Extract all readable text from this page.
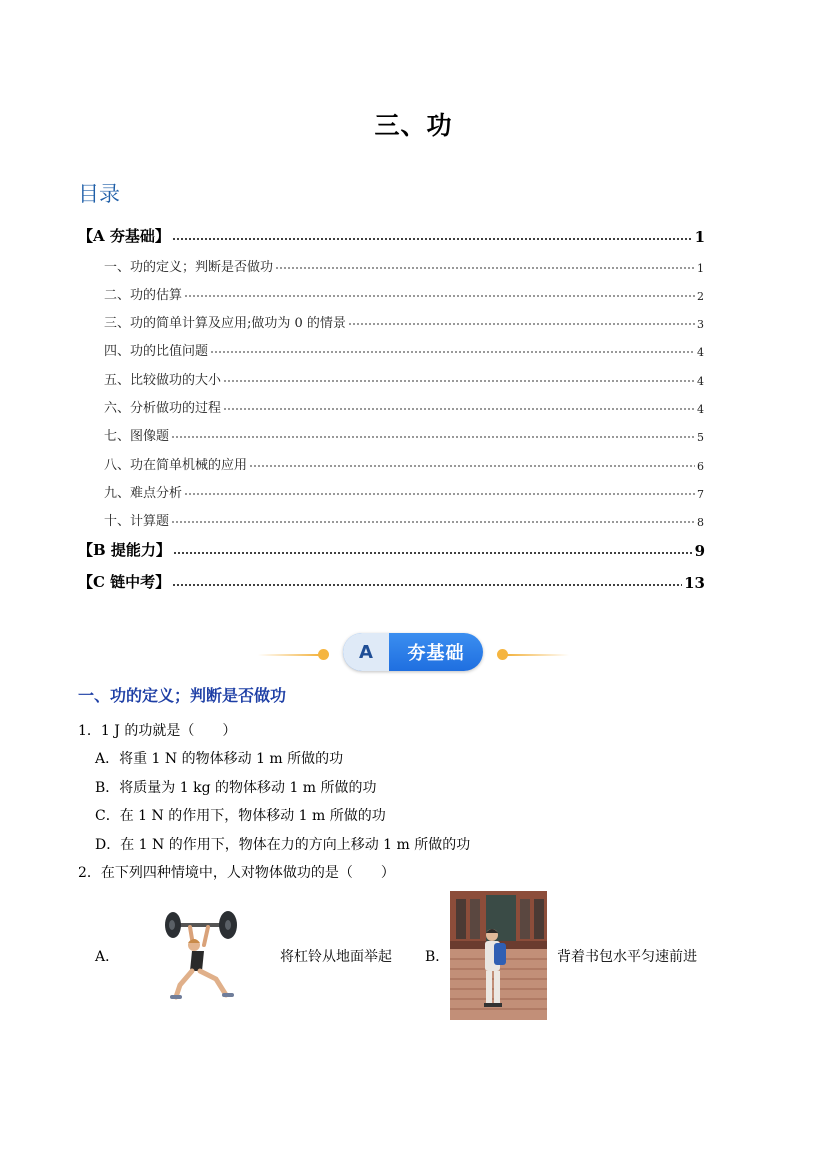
三、功
目录
【A 夯基础】	1
一、功的定义；判断是否做功	1
二、功的估算	2
三、功的简单计算及应用;做功为 0 的情景	3
四、功的比值问题	4
五、比较做功的大小	4
六、分析做功的过程	4
七、图像题	5
八、功在简单机械的应用	6
九、难点分析	7
十、计算题	8
【B 提能力】	9
【C 链中考】	13
A	夯基础
一、功的定义；判断是否做功
1．1 J 的功就是（　　）
A．将重 1 N 的物体移动 1 m 所做的功
B．将质量为 1 kg 的物体移动 1 m 所做的功
C．在 1 N 的作用下，物体移动 1 m 所做的功
D．在 1 N 的作用下，物体在力的方向上移动 1 m 所做的功
2．在下列四种情境中，人对物体做功的是（　　）
A．	将杠铃从地面举起 B．	背着书包水平匀速前进
